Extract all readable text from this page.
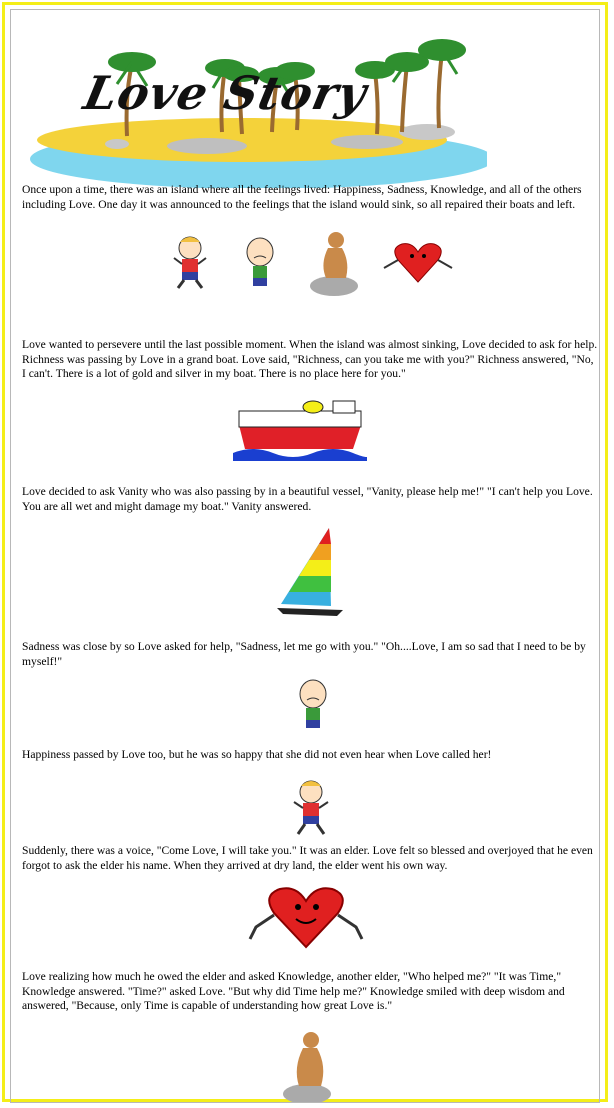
Love Story

Once upon a time, there was an island where all the feelings lived: Happiness, Sadness, Knowledge, and all of the others including Love. One day it was announced to the feelings that the island would sink, so all repaired their boats and left.

Love wanted to persevere until the last possible moment. When the island was almost sinking, Love decided to ask for help. Richness was passing by Love in a grand boat. Love said, "Richness, can you take me with you?" Richness answered, "No, I can't. There is a lot of gold and silver in my boat. There is no place here for you."

Love decided to ask Vanity who was also passing by in a beautiful vessel, "Vanity, please help me!" "I can't help you Love. You are all wet and might damage my boat." Vanity answered.

Sadness was close by so Love asked for help, "Sadness, let me go with you." "Oh....Love, I am so sad that I need to be by myself!"

Happiness passed by Love too, but he was so happy that she did not even hear when Love called her!

Suddenly, there was a voice, "Come Love, I will take you." It was an elder. Love felt so blessed and overjoyed that he even forgot to ask the elder his name. When they arrived at dry land, the elder went his own way.

Love realizing how much he owed the elder and asked Knowledge, another elder, "Who helped me?" "It was Time," Knowledge answered. "Time?" asked Love. "But why did Time help me?" Knowledge smiled with deep wisdom and answered, "Because, only Time is capable of understanding how great Love is."
